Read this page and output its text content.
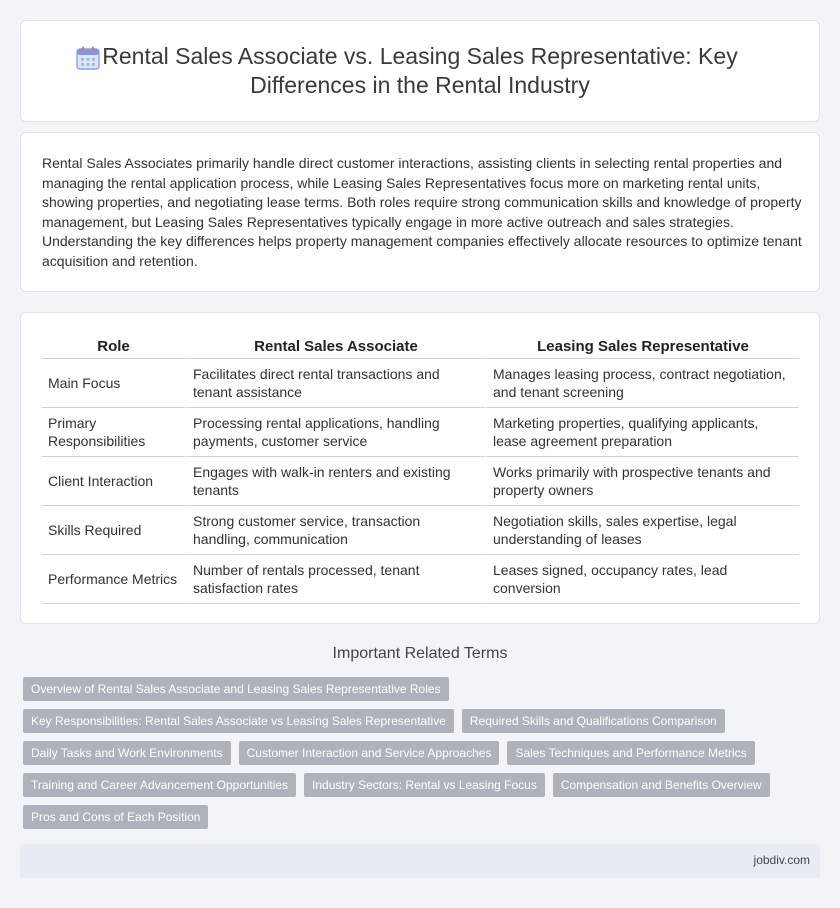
Rental Sales Associate vs. Leasing Sales Representative: Key Differences in the Rental Industry

Rental Sales Associates primarily handle direct customer interactions, assisting clients in selecting rental properties and managing the rental application process, while Leasing Sales Representatives focus more on marketing rental units, showing properties, and negotiating lease terms. Both roles require strong communication skills and knowledge of property management, but Leasing Sales Representatives typically engage in more active outreach and sales strategies. Understanding the key differences helps property management companies effectively allocate resources to optimize tenant acquisition and retention.

Role	Rental Sales Associate	Leasing Sales Representative
Main Focus	Facilitates direct rental transactions and tenant assistance	Manages leasing process, contract negotiation, and tenant screening
Primary Responsibilities	Processing rental applications, handling payments, customer service	Marketing properties, qualifying applicants, lease agreement preparation
Client Interaction	Engages with walk-in renters and existing tenants	Works primarily with prospective tenants and property owners
Skills Required	Strong customer service, transaction handling, communication	Negotiation skills, sales expertise, legal understanding of leases
Performance Metrics	Number of rentals processed, tenant satisfaction rates	Leases signed, occupancy rates, lead conversion
Important Related Terms
Overview of Rental Sales Associate and Leasing Sales Representative Roles
Key Responsibilities: Rental Sales Associate vs Leasing Sales Representative	Required Skills and Qualifications Comparison
Daily Tasks and Work Environments	Customer Interaction and Service Approaches	Sales Techniques and Performance Metrics
Training and Career Advancement Opportunities	Industry Sectors: Rental vs Leasing Focus	Compensation and Benefits Overview
Pros and Cons of Each Position
jobdiv.com
